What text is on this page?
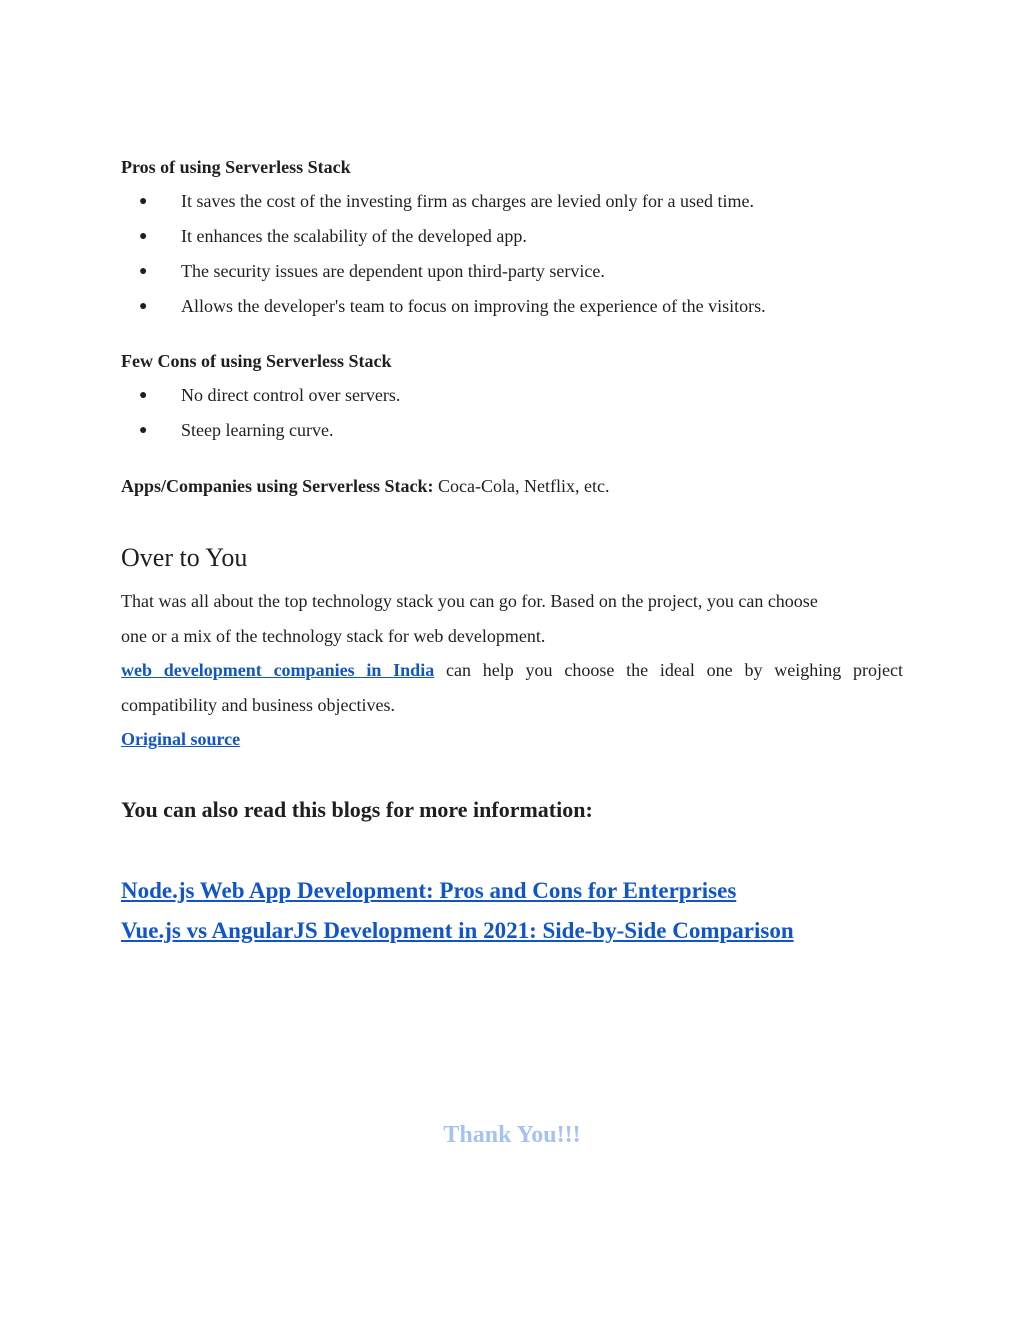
Pros of using Serverless Stack
● It saves the cost of the investing firm as charges are levied only for a used time.
● It enhances the scalability of the developed app.
● The security issues are dependent upon third-party service.
● Allows the developer's team to focus on improving the experience of the visitors.
Few Cons of using Serverless Stack
● No direct control over servers.
● Steep learning curve.
Apps/Companies using Serverless Stack: Coca-Cola, Netflix, etc.
Over to You
That was all about the top technology stack you can go for. Based on the project, you can choose
one or a mix of the technology stack for web development.
web development companies in India can help you choose the ideal one by weighing project
compatibility and business objectives.
Original source
You can also read this blogs for more information:
Node.js Web App Development: Pros and Cons for Enterprises
Vue.js vs AngularJS Development in 2021: Side-by-Side Comparison
Thank You!!!
